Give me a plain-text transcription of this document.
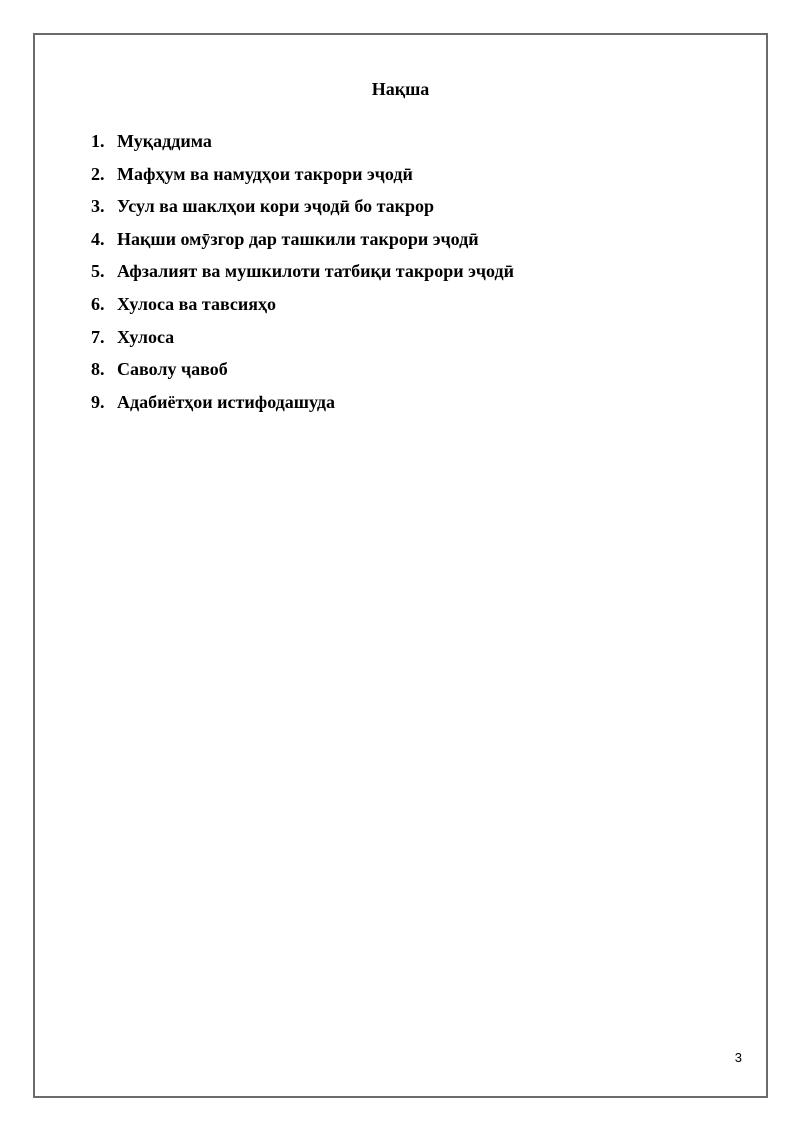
Нақша
1. Муқаддима
2. Мафҳум ва намудҳои такрори эҷодӣ
3. Усул ва шаклҳои кори эҷодӣ бо такрор
4. Нақши омӯзгор дар ташкили такрори эҷодӣ
5. Афзалият ва мушкилоти татбиқи такрори эҷодӣ
6. Хулоса ва тавсияҳо
7. Хулоса
8. Саволу ҷавоб
9. Адабиётҳои истифодашуда
3
